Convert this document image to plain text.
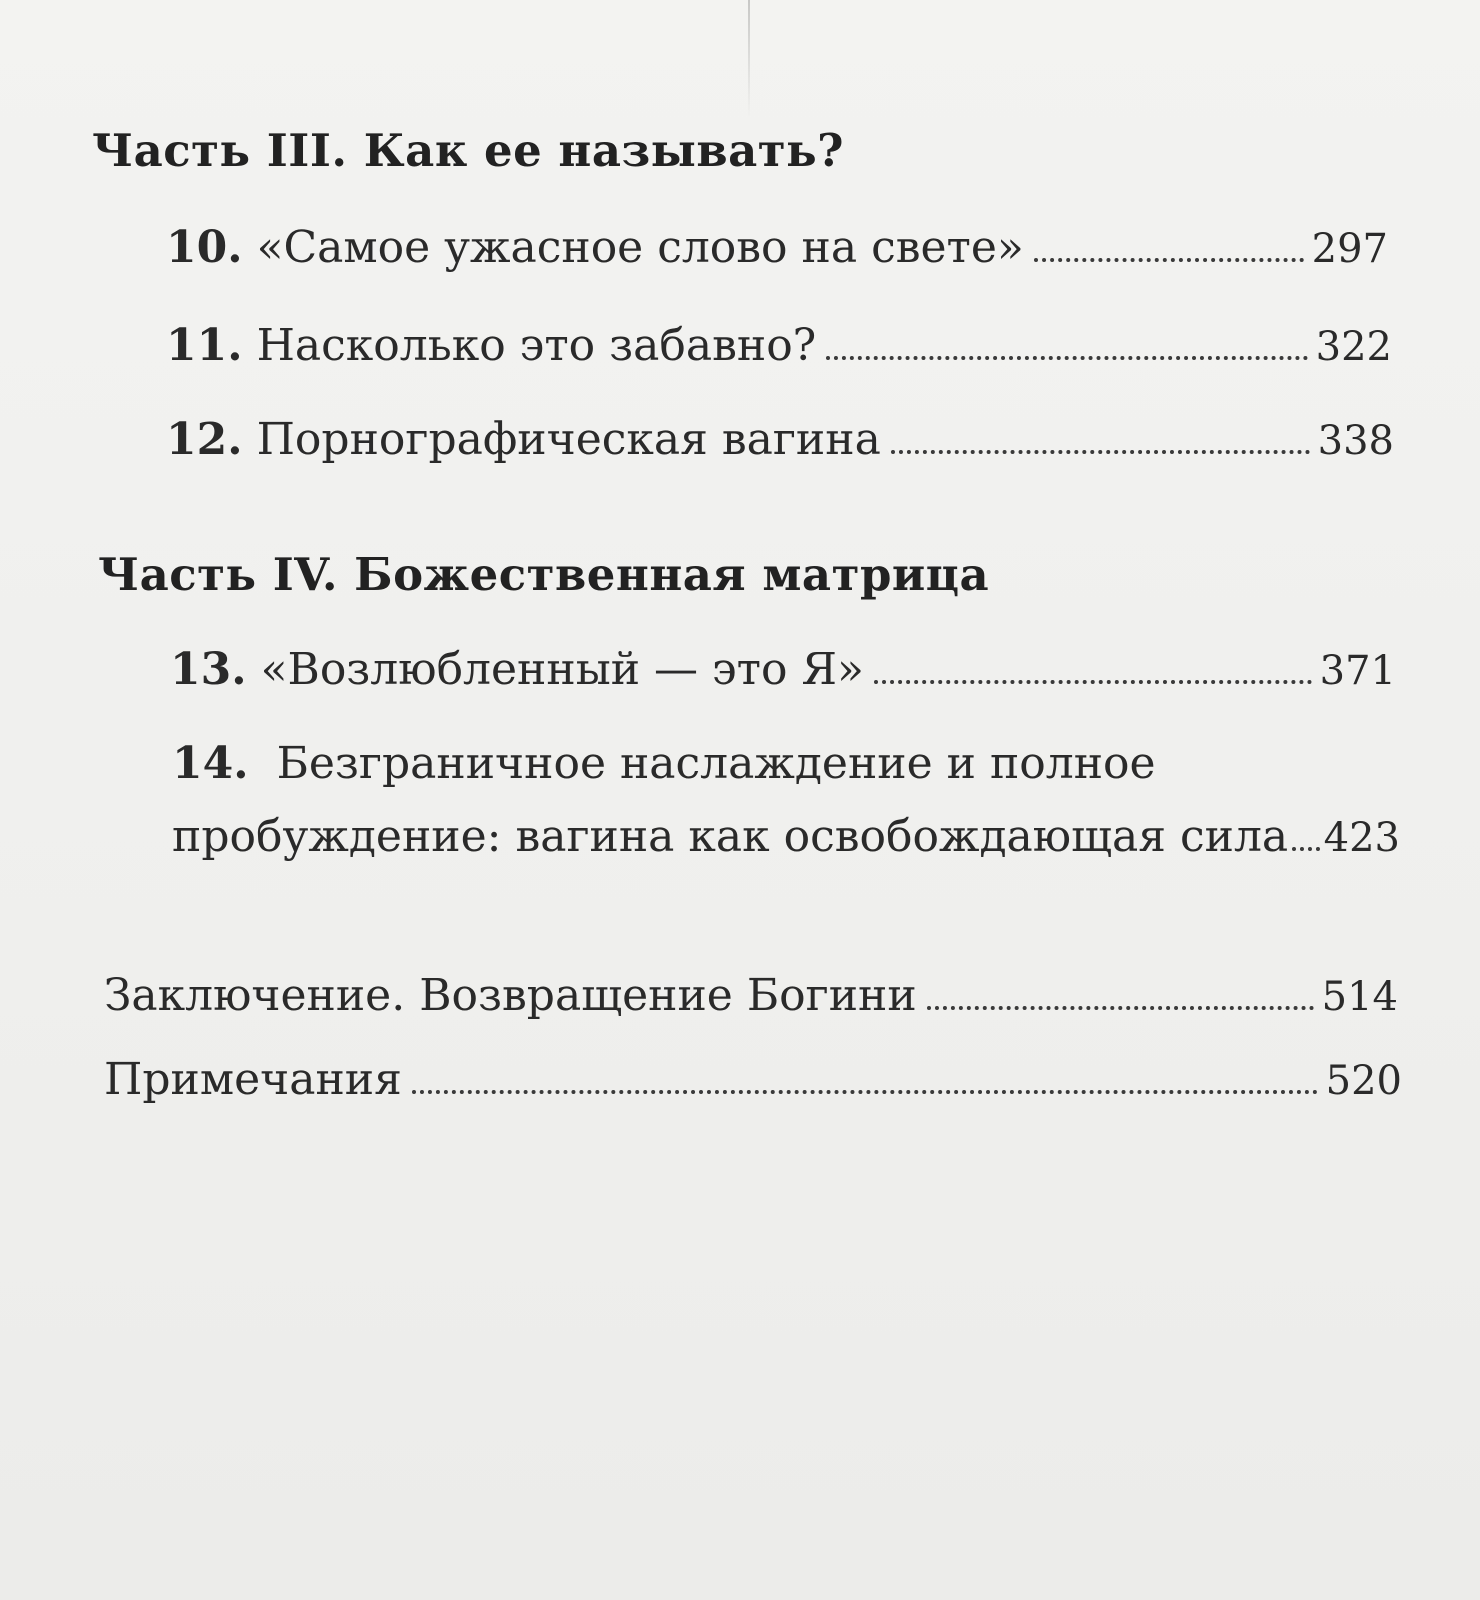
Часть III. Как ее называть?
10. «Самое ужасное слово на свете»	297
11. Насколько это забавно?	322
12. Порнографическая вагина	338
Часть IV. Божественная матрица
13. «Возлюбленный — это Я»	371
14. Безграничное наслаждение и полное
пробуждение: вагина как освобождающая сила 423
Заключение. Возвращение Богини	514
Примечания	520
